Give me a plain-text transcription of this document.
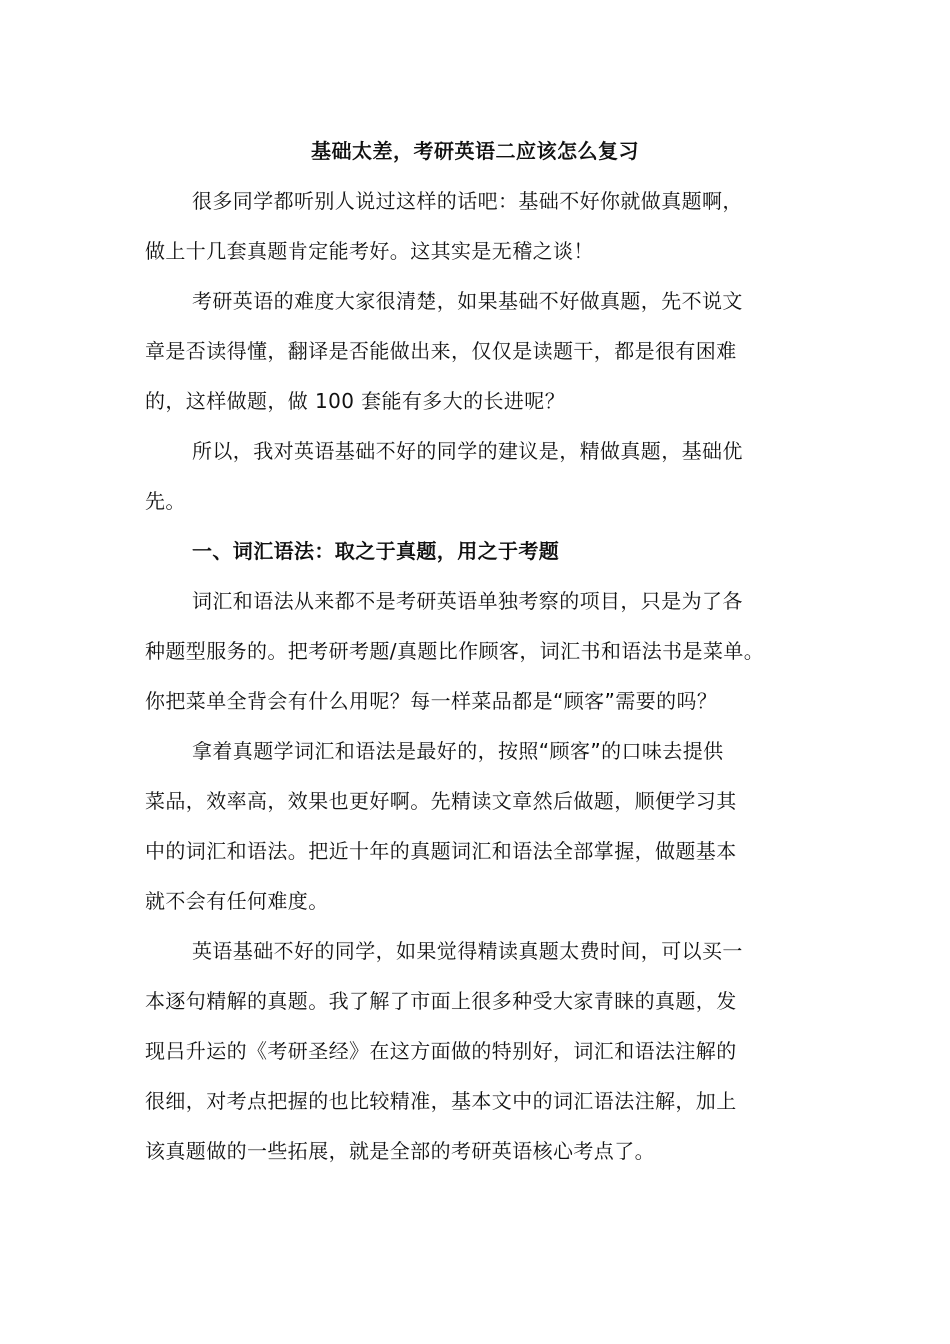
基础太差，考研英语二应该怎么复习
很多同学都听别人说过这样的话吧：基础不好你就做真题啊，
做上十几套真题肯定能考好。这其实是无稽之谈！
考研英语的难度大家很清楚，如果基础不好做真题，先不说文
章是否读得懂，翻译是否能做出来，仅仅是读题干，都是很有困难
的，这样做题，做 100 套能有多大的长进呢？
所以，我对英语基础不好的同学的建议是，精做真题，基础优
先。
一、词汇语法：取之于真题，用之于考题
词汇和语法从来都不是考研英语单独考察的项目，只是为了各
种题型服务的。把考研考题/真题比作顾客，词汇书和语法书是菜单。
你把菜单全背会有什么用呢？每一样菜品都是“顾客”需要的吗？
拿着真题学词汇和语法是最好的，按照“顾客”的口味去提供
菜品，效率高，效果也更好啊。先精读文章然后做题，顺便学习其
中的词汇和语法。把近十年的真题词汇和语法全部掌握，做题基本
就不会有任何难度。
英语基础不好的同学，如果觉得精读真题太费时间，可以买一
本逐句精解的真题。我了解了市面上很多种受大家青睐的真题，发
现吕升运的《考研圣经》在这方面做的特别好，词汇和语法注解的
很细，对考点把握的也比较精准，基本文中的词汇语法注解，加上
该真题做的一些拓展，就是全部的考研英语核心考点了。
